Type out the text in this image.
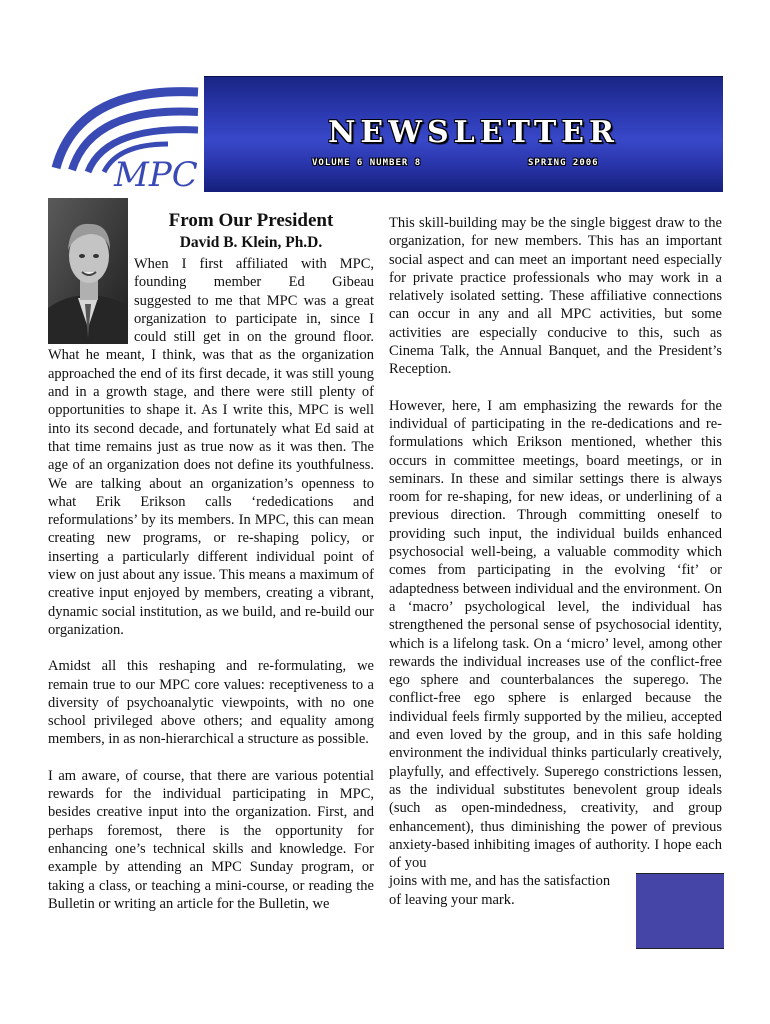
MPC
NEWSLETTER
VOLUME 6 NUMBER 8	SPRING 2006
From Our President
David B. Klein, Ph.D.
When I first affiliated with MPC,
founding member Ed Gibeau
suggested to me that MPC was a great
organization to participate in, since I
could still get in on the ground floor.

What he meant, I think, was that as the organization approached the end of its first decade, it was still young and in a growth stage, and there were still plenty of opportunities to shape it. As I write this, MPC is well into its second decade, and fortunately what Ed said at that time remains just as true now as it was then. The age of an organization does not define its youthfulness. We are talking about an organization’s openness to what Erik Erikson calls ‘rededications and reformulations’ by its members. In MPC, this can mean creating new programs, or re-shaping policy, or inserting a particularly different individual point of view on just about any issue. This means a maximum of creative input enjoyed by members, creating a vibrant, dynamic social institution, as we build, and re-build our organization.

Amidst all this reshaping and re-formulating, we remain true to our MPC core values: receptiveness to a diversity of psychoanalytic viewpoints, with no one school privileged above others; and equality among members, in as non-hierarchical a structure as possible.

I am aware, of course, that there are various potential rewards for the individual participating in MPC, besides creative input into the organization. First, and perhaps foremost, there is the opportunity for enhancing one’s technical skills and knowledge. For example by attending an MPC Sunday program, or taking a class, or teaching a mini-course, or reading the Bulletin or writing an article for the Bulletin, we

This skill-building may be the single biggest draw to the organization, for new members. This has an important social aspect and can meet an important need especially for private practice professionals who may work in a relatively isolated setting. These affiliative connections can occur in any and all MPC activities, but some activities are especially conducive to this, such as Cinema Talk, the Annual Banquet, and the President’s Reception.

However, here, I am emphasizing the rewards for the individual of participating in the re-dedications and re-formulations which Erikson mentioned, whether this occurs in committee meetings, board meetings, or in seminars. In these and similar settings there is always room for re-shaping, for new ideas, or underlining of a previous direction. Through committing oneself to providing such input, the individual builds enhanced psychosocial well-being, a valuable commodity which comes from participating in the evolving ‘fit’ or adaptedness between individual and the environment. On a ‘macro’ psychological level, the individual has strengthened the personal sense of psychosocial identity, which is a lifelong task. On a ‘micro’ level, among other rewards the individual increases use of the conflict-free ego sphere and counterbalances the superego. The conflict-free ego sphere is enlarged because the individual feels firmly supported by the milieu, accepted and even loved by the group, and in this safe holding environment the individual thinks particularly creatively, playfully, and effectively. Superego constrictions lessen, as the individual substitutes benevolent group ideals (such as open-mindedness, creativity, and group enhancement), thus diminishing the power of previous anxiety-based inhibiting images of authority. I hope each of you

joins with me, and has the satisfaction
of leaving your mark.
